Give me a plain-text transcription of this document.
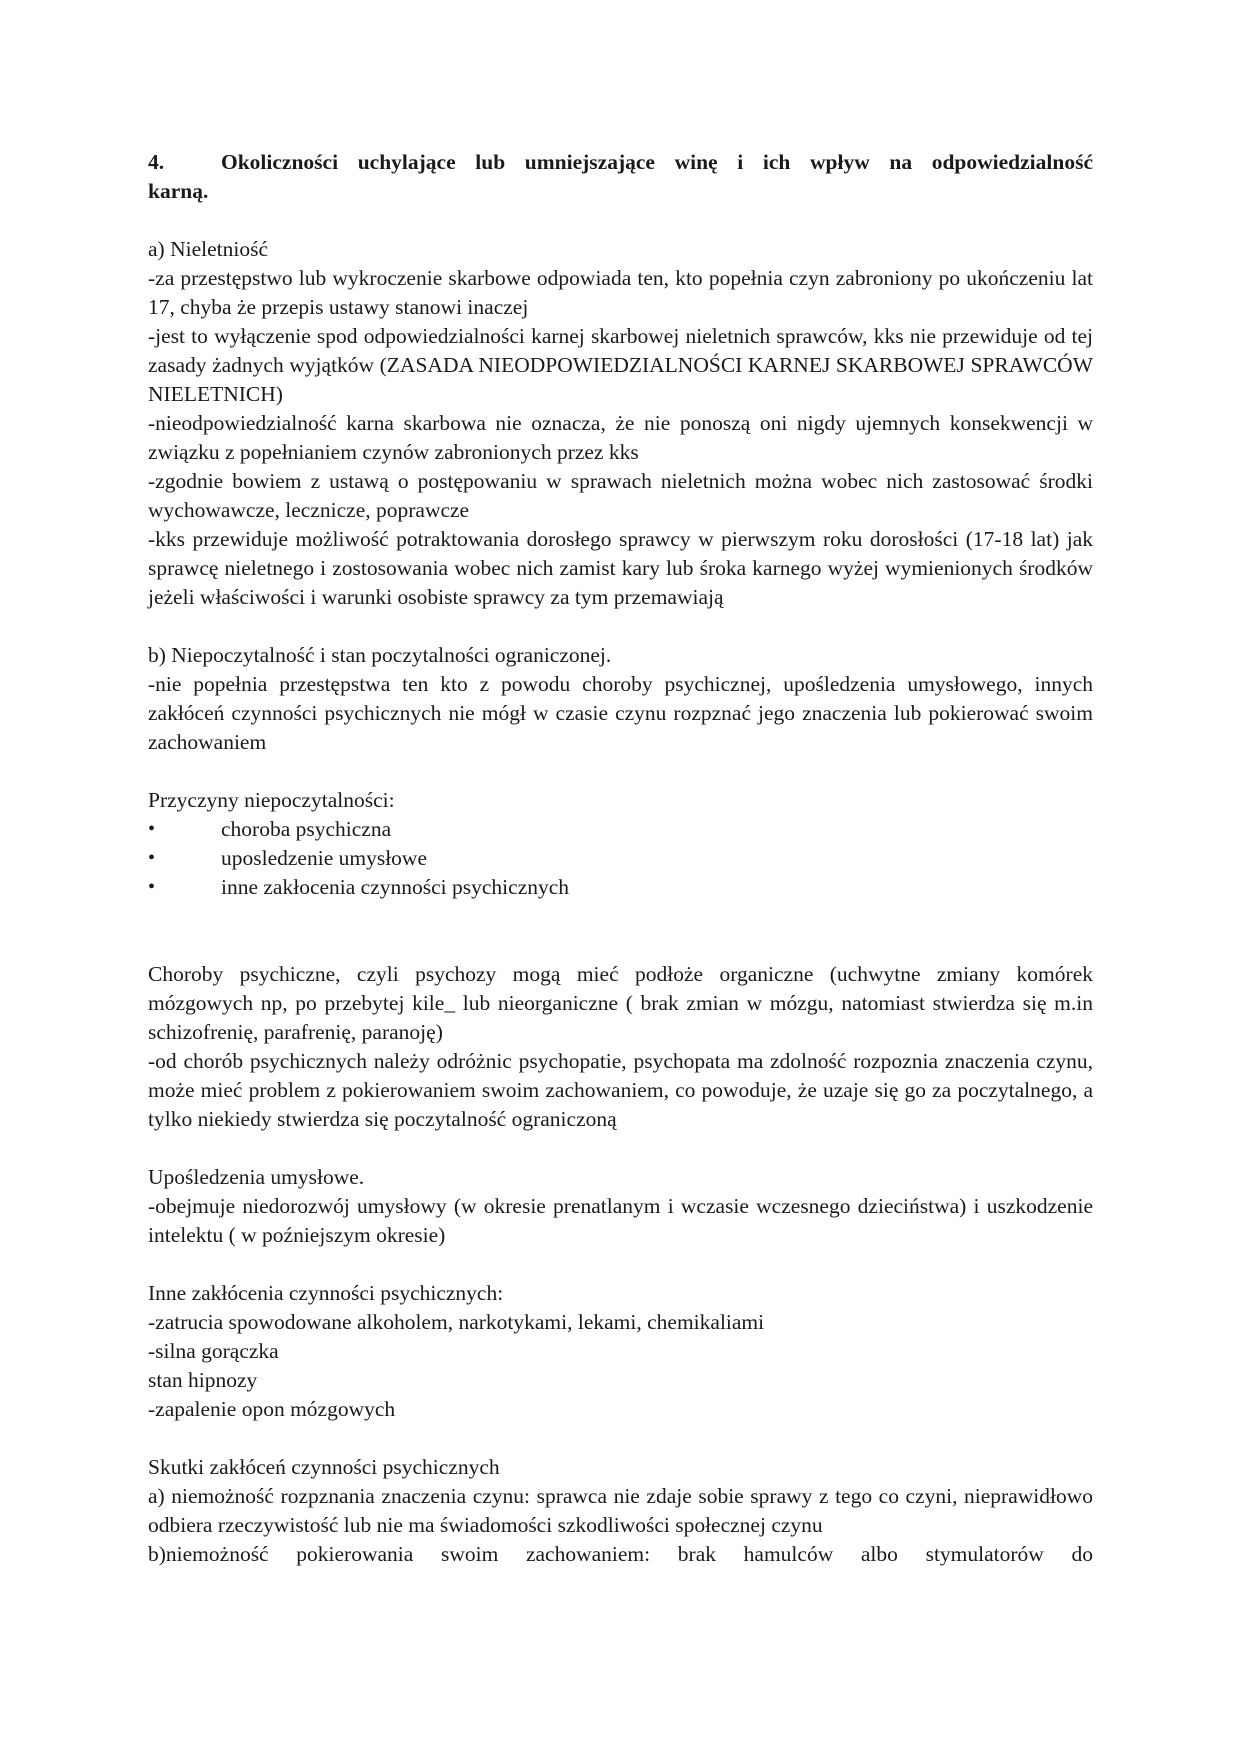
4.	Okoliczności uchylające lub umniejszające winę i ich wpływ na odpowiedzialność
karną.

a) Nieletniość

-za przestępstwo lub wykroczenie skarbowe odpowiada ten, kto popełnia czyn zabroniony po ukończeniu lat 17, chyba że przepis ustawy stanowi inaczej

-jest to wyłączenie spod odpowiedzialności karnej skarbowej nieletnich sprawców, kks nie przewiduje od tej zasady żadnych wyjątków (ZASADA NIEODPOWIEDZIALNOŚCI KARNEJ SKARBOWEJ SPRAWCÓW NIELETNICH)

-nieodpowiedzialność karna skarbowa nie oznacza, że nie ponoszą oni nigdy ujemnych konsekwencji w związku z popełnianiem czynów zabronionych przez kks

-zgodnie bowiem z ustawą o postępowaniu w sprawach nieletnich można wobec nich zastosować środki wychowawcze, lecznicze, poprawcze

-kks przewiduje możliwość potraktowania dorosłego sprawcy w pierwszym roku dorosłości (17-18 lat) jak sprawcę nieletnego i zostosowania wobec nich zamist kary lub śroka karnego wyżej wymienionych środków jeżeli właściwości i warunki osobiste sprawcy za tym przemawiają

b) Niepoczytalność i stan poczytalności ograniczonej.

-nie popełnia przestępstwa ten kto z powodu choroby psychicznej, upośledzenia umysłowego, innych zakłóceń czynności psychicznych nie mógł w czasie czynu rozpznać jego znaczenia lub pokierować swoim zachowaniem

Przyczyny niepoczytalności:

•	choroba psychiczna
•	uposledzenie umysłowe
•	inne zakłocenia czynności psychicznych

Choroby psychiczne, czyli psychozy mogą mieć podłoże organiczne (uchwytne zmiany komórek mózgowych np, po przebytej kile_ lub nieorganiczne ( brak zmian w mózgu, natomiast stwierdza się m.in schizofrenię, parafrenię, paranoję)

-od chorób psychicznych należy odróżnic psychopatie, psychopata ma zdolność rozpoznia znaczenia czynu, może mieć problem z pokierowaniem swoim zachowaniem, co powoduje, że uzaje się go za poczytalnego, a tylko niekiedy stwierdza się poczytalność ograniczoną

Upośledzenia umysłowe.

-obejmuje niedorozwój umysłowy (w okresie prenatlanym i wczasie wczesnego dzieciństwa) i uszkodzenie intelektu ( w poźniejszym okresie)

Inne zakłócenia czynności psychicznych:

-zatrucia spowodowane alkoholem, narkotykami, lekami, chemikaliami

-silna gorączka

stan hipnozy

-zapalenie opon mózgowych

Skutki zakłóceń czynności psychicznych

a) niemożność rozpznania znaczenia czynu: sprawca nie zdaje sobie sprawy z tego co czyni, nieprawidłowo odbiera rzeczywistość lub nie ma świadomości szkodliwości społecznej czynu

b)niemożność pokierowania swoim zachowaniem: brak hamulców albo stymulatorów do
